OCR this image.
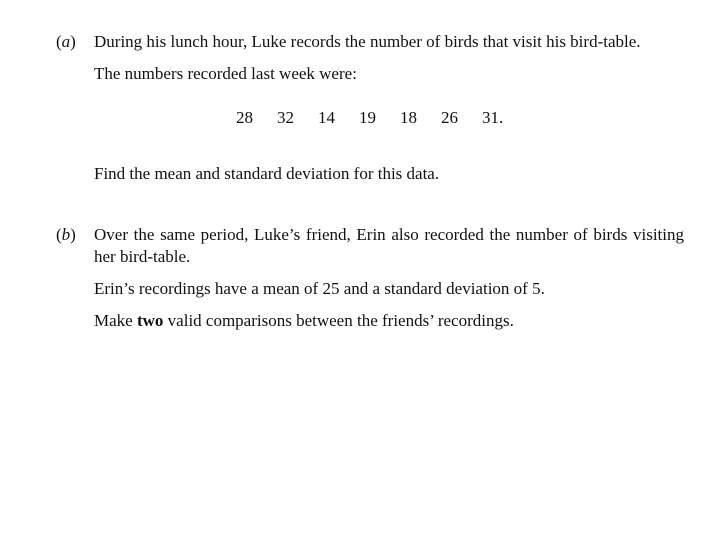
(a)	During his lunch hour, Luke records the number of birds that visit his bird-table.

The numbers recorded last week were:

28 32 14 19 18 26 31.

Find the mean and standard deviation for this data.

(b)	Over the same period, Luke’s friend, Erin also recorded the number of birds visiting her bird-table.

Erin’s recordings have a mean of 25 and a standard deviation of 5.

Make two valid comparisons between the friends’ recordings.
